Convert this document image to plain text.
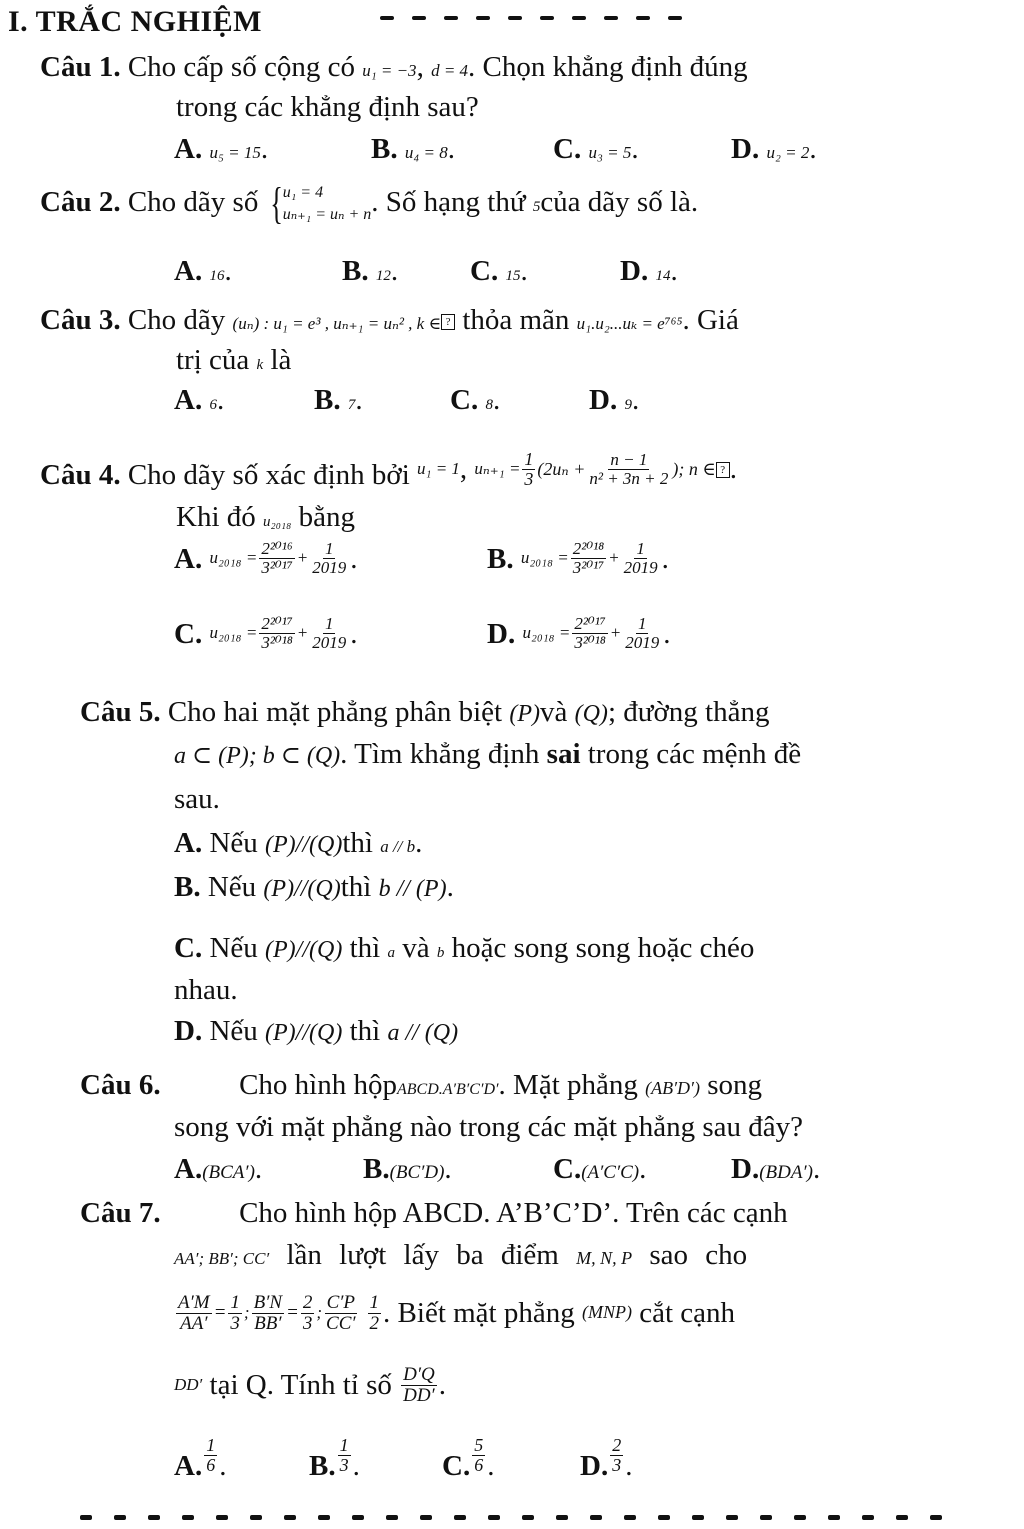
I. TRẮC NGHIỆM
Câu 1. Cho cấp số cộng có u₁ = −3, d = 4. Chọn khẳng định đúng
trong các khẳng định sau?
A. u₅ = 15.	B. u₄ = 8.	C. u₃ = 5.	D. u₂ = 2.
Câu 2. Cho dãy số { u₁ = 4
uₙ₊₁ = uₙ + n . Số hạng thứ 5của dãy số là.
A. 16.	B. 12. C. 15.	D. 14.
Câu 3. Cho dãy (uₙ) : u₁ = e³ , uₙ₊₁ = uₙ² , k ∈ ? thỏa mãn u₁.u₂...uₖ = e⁷⁶⁵. Giá
trị của k là
A. 6.	B. 7.	C. 8.	D. 9.
Câu 4.
Cho dãy số xác định bởi
u₁ = 1 ,
$u_{n+1} = \frac{1}{3} (2u_n + \frac{n - 1}{\text{n² + 3n + 2}}$ ); n ∈ ? .
Khi đó u₂₀₁₈ bằng
A.
$u_{2018} = \frac{\text{2²⁰¹⁶}}{\text{3²⁰¹⁷}} + \frac{1}{2019}$ .	B.
$u_{2018} = \frac{\text{2²⁰¹⁸}}{\text{3²⁰¹⁷}} + \frac{1}{2019}$ .
C.
$u_{2018} = \frac{\text{2²⁰¹⁷}}{\text{3²⁰¹⁸}} + \frac{1}{2019}$ .	D.
$u_{2018} = \frac{\text{2²⁰¹⁷}}{\text{3²⁰¹⁸}} + \frac{1}{2019}$ .
Câu 5. Cho hai mặt phẳng phân biệt (P)và (Q); đường thẳng
a ⊂ (P); b ⊂ (Q). Tìm khẳng định sai trong các mệnh đề
sau.
A. Nếu (P)//(Q)thì a // b.
B. Nếu (P)//(Q)thì b // (P).
C. Nếu (P)//(Q) thì a và b hoặc song song hoặc chéo
nhau.
D. Nếu (P)//(Q) thì a // (Q)
Câu 6.	Cho hình hộpABCD.A′B′C′D′. Mặt phẳng (AB′D′) song
song với mặt phẳng nào trong các mặt phẳng sau đây?
A.(BCA′).	B.(BC′D).	C.(A′C′C).	D.(BDA′).
Câu 7.	Cho hình hộp ABCD. A’B’C’D’. Trên các cạnh
AA′; BB′; CC′ lần lượt lấy ba điểm M, N, P sao cho
$\frac{A'M}{AA'} = \frac{1}{3}$ ; $\frac{B'N}{BB'} = \frac{2}{3}$ ; $\frac{C'P}{CC'} \frac{1}{2}$ . Biết mặt phẳng
(MNP)
cắt cạnh
DD′
tại Q. Tính tỉ số
$\frac{D'Q}{DD'}$ .
A. $\frac{1}{6}$ .	B. $\frac{1}{3}$ .	C. $\frac{5}{6}$ .	D. $\frac{2}{3}$ .
